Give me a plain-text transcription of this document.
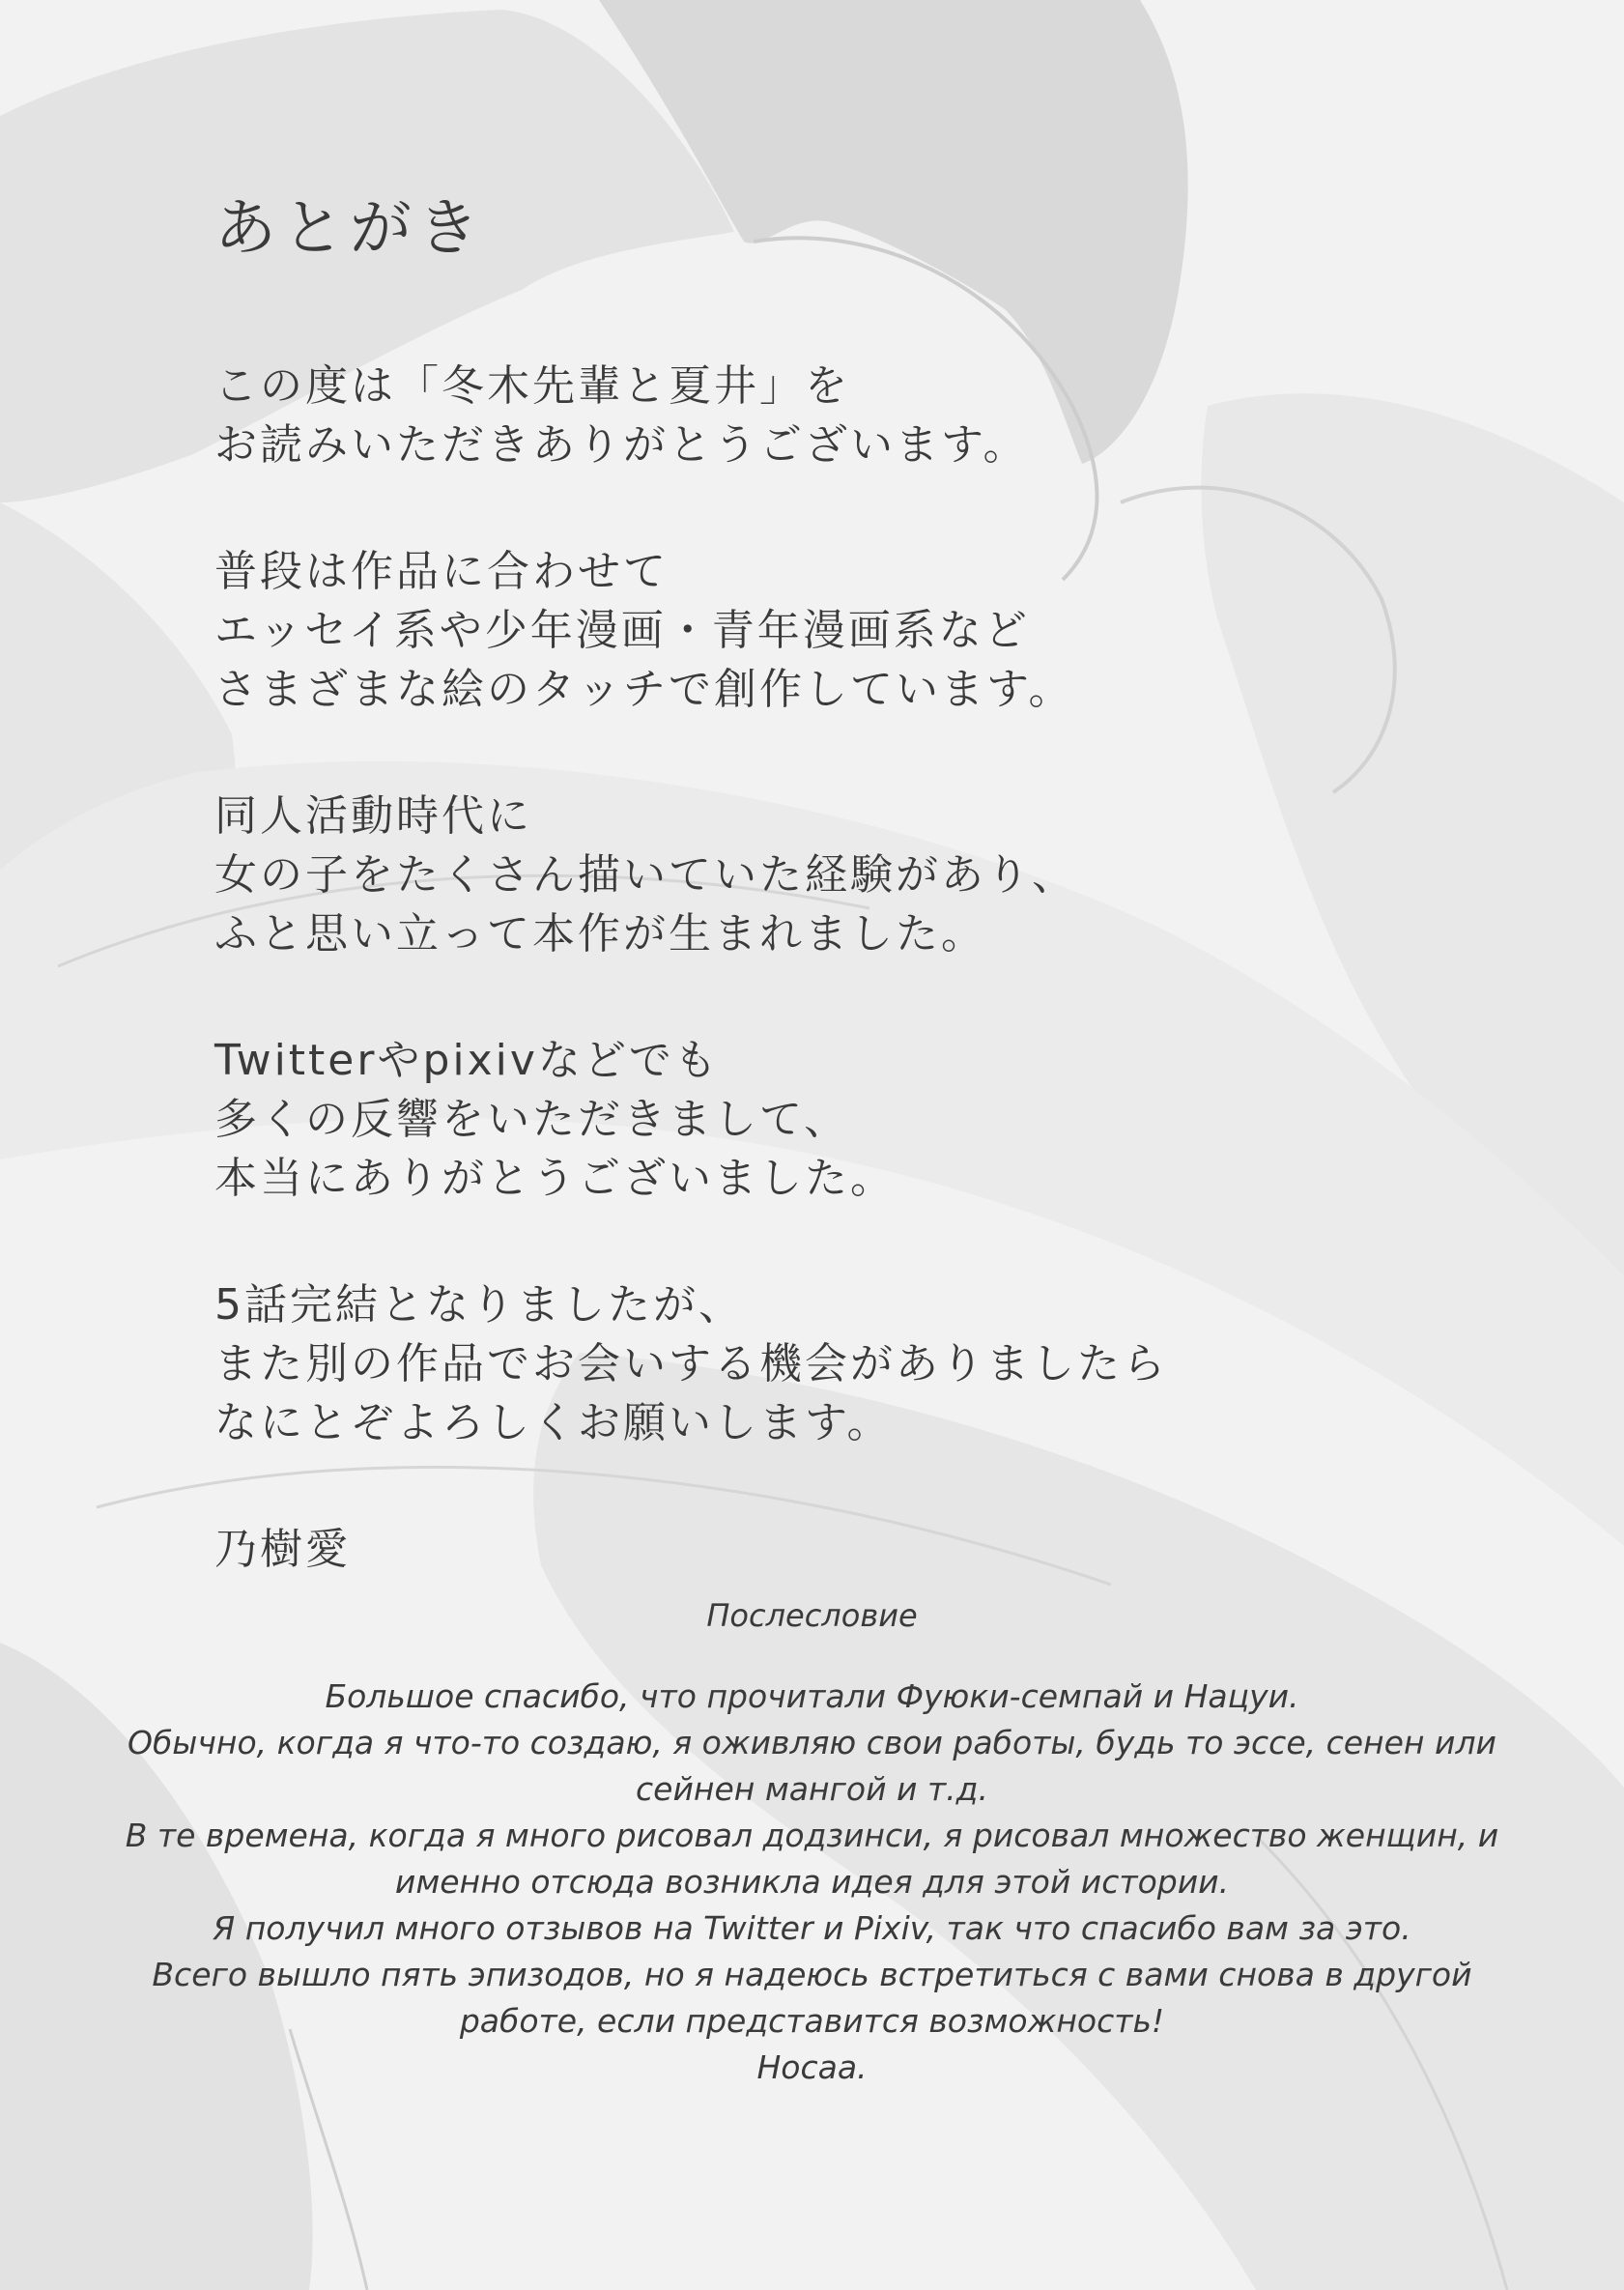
あとがき
この度は「冬木先輩と夏井」を
お読みいただきありがとうございます。
普段は作品に合わせて
エッセイ系や少年漫画・青年漫画系など
さまざまな絵のタッチで創作しています。
同人活動時代に
女の子をたくさん描いていた経験があり、
ふと思い立って本作が生まれました。
Twitterやpixivなどでも
多くの反響をいただきまして、
本当にありがとうございました。
5話完結となりましたが、
また別の作品でお会いする機会がありましたら
なにとぞよろしくお願いします。
乃樹愛
Послесловие
Большое спасибо, что прочитали Фуюки-семпай и Нацуи.
Обычно, когда я что-то создаю, я оживляю свои работы, будь то эссе, сенен или
сейнен мангой и т.д.
В те времена, когда я много рисовал додзинси, я рисовал множество женщин, и
именно отсюда возникла идея для этой истории.
Я получил много отзывов на Twitter и Pixiv, так что спасибо вам за это.
Всего вышло пять эпизодов, но я надеюсь встретиться с вами снова в другой
работе, если представится возможность!
Носаа.
